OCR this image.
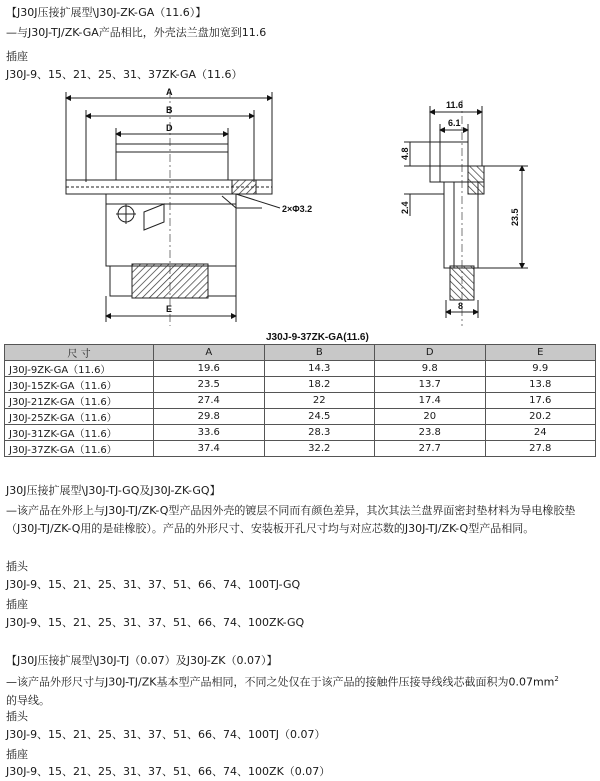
【J30J压接扩展型\J30J-ZK-GA（11.6）】
—与J30J-TJ/ZK-GA产品相比，外壳法兰盘加宽到11.6
插座
J30J-9、15、21、25、31、37ZK-GA（11.6）
A
B
D
E
2×Φ3.2
11.6
6.1
4.8
2.4
23.5
8
J30J-9-37ZK-GA(11.6)
尺 寸	A	B	D	E
J30J-9ZK-GA（11.6）	19.6	14.3	9.8	9.9
J30J-15ZK-GA（11.6）	23.5	18.2	13.7	13.8
J30J-21ZK-GA（11.6）	27.4	22	17.4	17.6
J30J-25ZK-GA（11.6）	29.8	24.5	20	20.2
J30J-31ZK-GA（11.6）	33.6	28.3	23.8	24
J30J-37ZK-GA（11.6）	37.4	32.2	27.7	27.8
J30J压接扩展型\J30J-TJ-GQ及J30J-ZK-GQ】
—该产品在外形上与J30J-TJ/ZK-Q型产品因外壳的镀层不同而有颜色差异，其次其法兰盘界面密封垫材料为导电橡胶垫（J30J-TJ/ZK-Q用的是硅橡胶）。产品的外形尺寸、安装板开孔尺寸均与对应芯数的J30J-TJ/ZK-Q型产品相同。
插头
J30J-9、15、21、25、31、37、51、66、74、100TJ-GQ
插座
J30J-9、15、21、25、31、37、51、66、74、100ZK-GQ
【J30J压接扩展型\J30J-TJ（0.07）及J30J-ZK（0.07）】
—该产品外形尺寸与J30J-TJ/ZK基本型产品相同，不同之处仅在于该产品的接触件压接导线线芯截面积为$0.07mm^2$
的导线。
插头
J30J-9、15、21、25、31、37、51、66、74、100TJ（0.07）
插座
J30J-9、15、21、25、31、37、51、66、74、100ZK（0.07）
